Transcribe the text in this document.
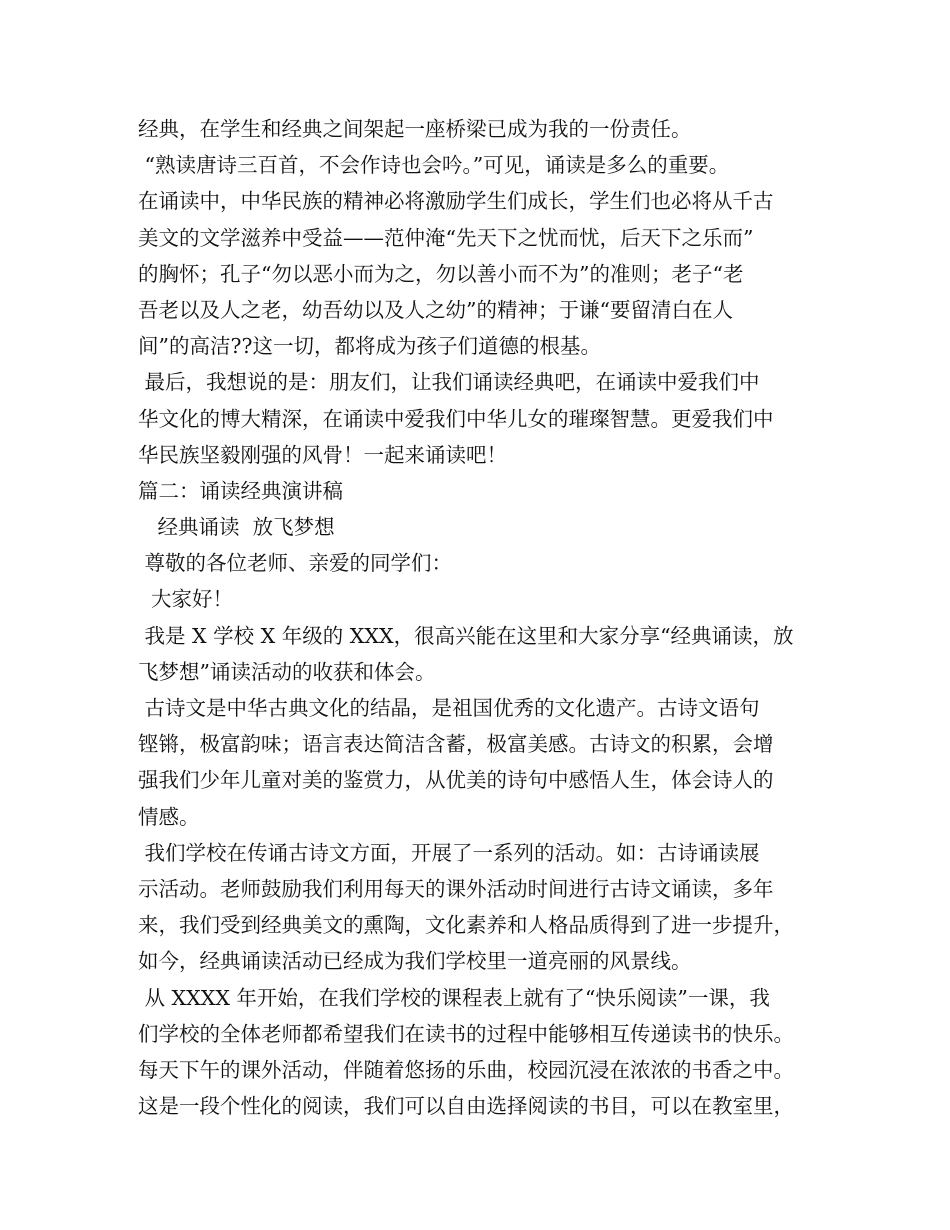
经典，在学生和经典之间架起一座桥梁已成为我的一份责任。
“熟读唐诗三百首，不会作诗也会吟。”可见，诵读是多么的重要。
在诵读中，中华民族的精神必将激励学生们成长，学生们也必将从千古
美文的文学滋养中受益——范仲淹“先天下之忧而忧，后天下之乐而”
的胸怀；孔子“勿以恶小而为之，勿以善小而不为”的准则；老子“老
吾老以及人之老，幼吾幼以及人之幼”的精神；于谦“要留清白在人
间”的高洁??这一切，都将成为孩子们道德的根基。
最后，我想说的是：朋友们，让我们诵读经典吧，在诵读中爱我们中
华文化的博大精深，在诵读中爱我们中华儿女的璀璨智慧。更爱我们中
华民族坚毅刚强的风骨！一起来诵读吧！
篇二：诵读经典演讲稿
经典诵读  放飞梦想
尊敬的各位老师、亲爱的同学们：
大家好！
我是 X 学校 X 年级的 XXX，很高兴能在这里和大家分享“经典诵读，放
飞梦想”诵读活动的收获和体会。
古诗文是中华古典文化的结晶，是祖国优秀的文化遗产。古诗文语句
铿锵，极富韵味；语言表达简洁含蓄，极富美感。古诗文的积累，会增
强我们少年儿童对美的鉴赏力，从优美的诗句中感悟人生，体会诗人的
情感。
我们学校在传诵古诗文方面，开展了一系列的活动。如：古诗诵读展
示活动。老师鼓励我们利用每天的课外活动时间进行古诗文诵读，多年
来，我们受到经典美文的熏陶，文化素养和人格品质得到了进一步提升，
如今，经典诵读活动已经成为我们学校里一道亮丽的风景线。
从 XXXX 年开始，在我们学校的课程表上就有了“快乐阅读”一课，我
们学校的全体老师都希望我们在读书的过程中能够相互传递读书的快乐。
每天下午的课外活动，伴随着悠扬的乐曲，校园沉浸在浓浓的书香之中。
这是一段个性化的阅读，我们可以自由选择阅读的书目，可以在教室里，
